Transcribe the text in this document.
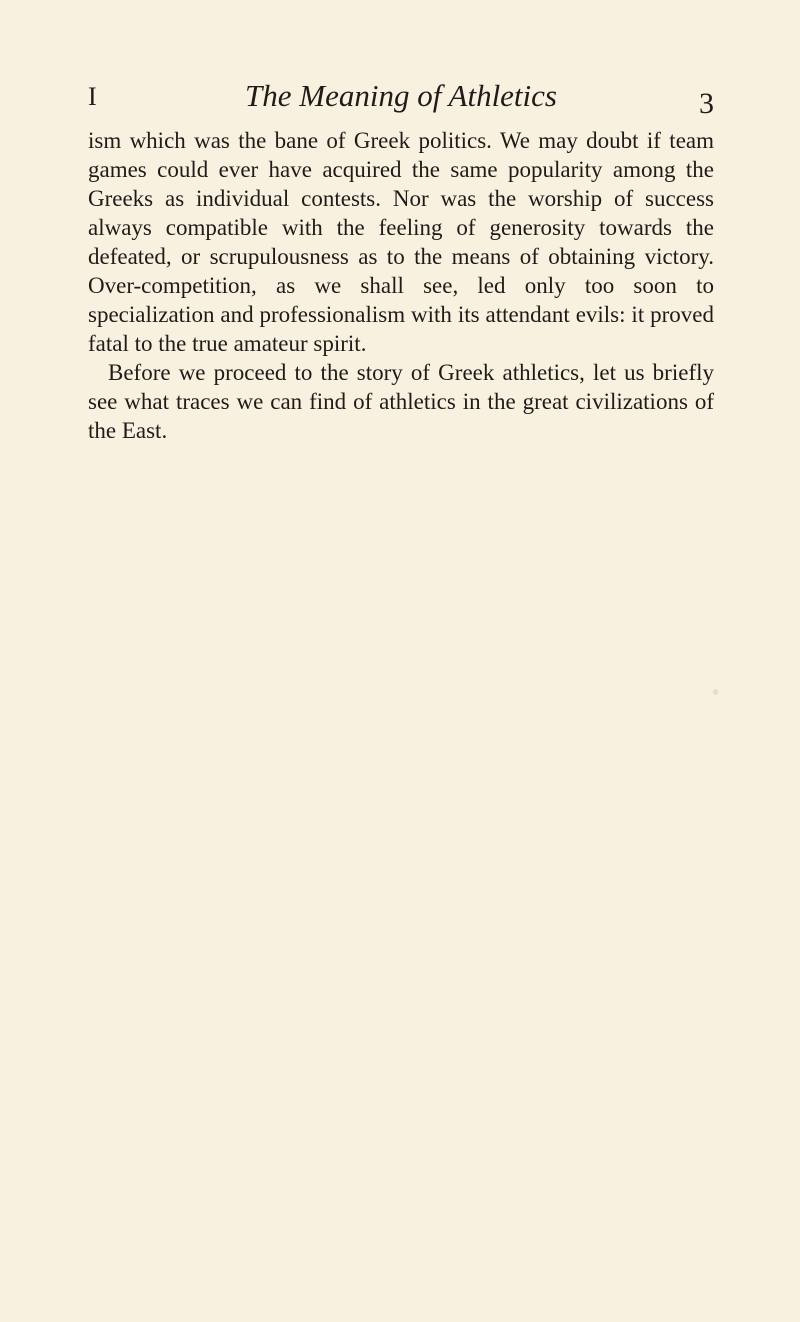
I	The Meaning of Athletics	3

ism which was the bane of Greek politics. We may doubt if team games could ever have acquired the same popularity among the Greeks as individual contests. Nor was the worship of success always compatible with the feeling of generosity towards the defeated, or scrupulousness as to the means of obtaining victory. Over-competition, as we shall see, led only too soon to specialization and professionalism with its attendant evils: it proved fatal to the true amateur spirit.

Before we proceed to the story of Greek athletics, let us briefly see what traces we can find of athletics in the great civilizations of the East.
